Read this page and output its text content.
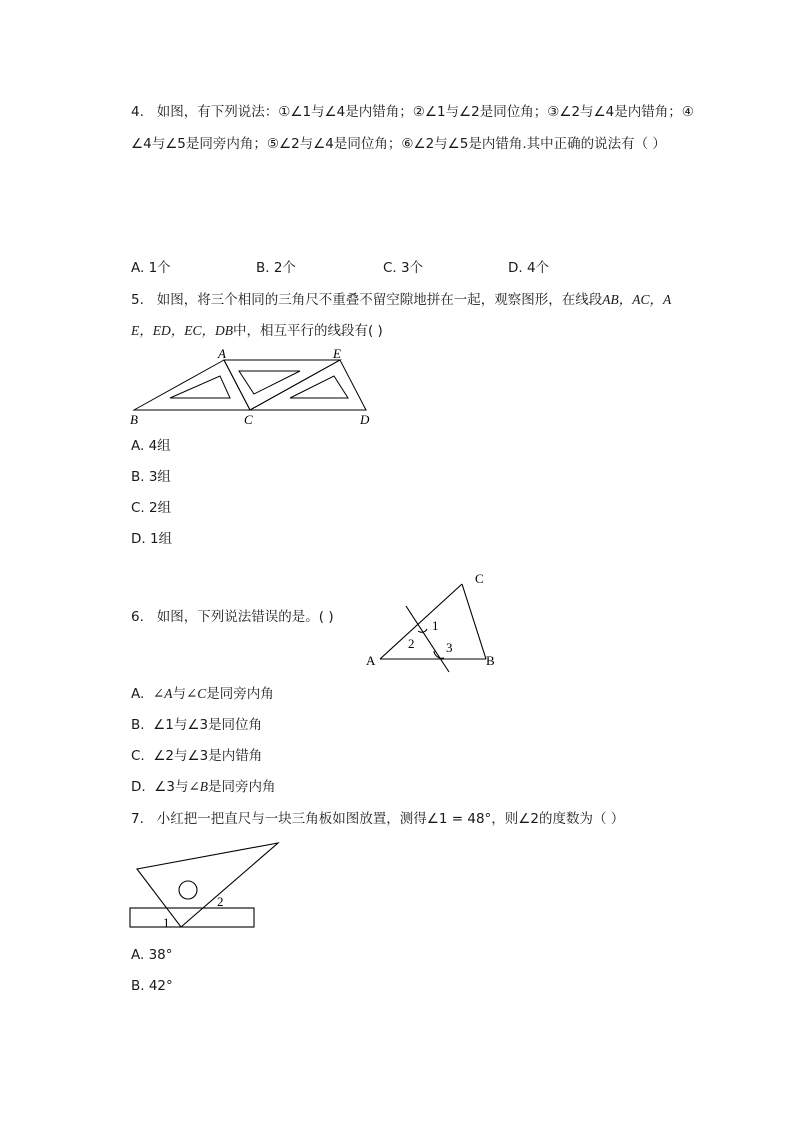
4. 如图，有下列说法：①∠1与∠4是内错角；②∠1与∠2是同位角；③∠2与∠4是内错角；④
∠4与∠5是同旁内角；⑤∠2与∠4是同位角；⑥∠2与∠5是内错角.其中正确的说法有（ ）
A. 1个	B. 2个	C. 3个	D. 4个
5. 如图，将三个相同的三角尺不重叠不留空隙地拼在一起，观察图形，在线段AB，AC，A
E，ED，EC，DB中，相互平行的线段有( )
A	E
B	C	D
A. 4组
B. 3组
C. 2组
D. 1组
6. 如图，下列说法错误的是。( )
C
A	B
1
2 3
A. ∠A与∠C是同旁内角
B. ∠1与∠3是同位角
C. ∠2与∠3是内错角
D. ∠3与∠B是同旁内角
7. 小红把一把直尺与一块三角板如图放置，测得∠1 = 48°，则∠2的度数为（ ）
1
2
A. 38°
B. 42°
